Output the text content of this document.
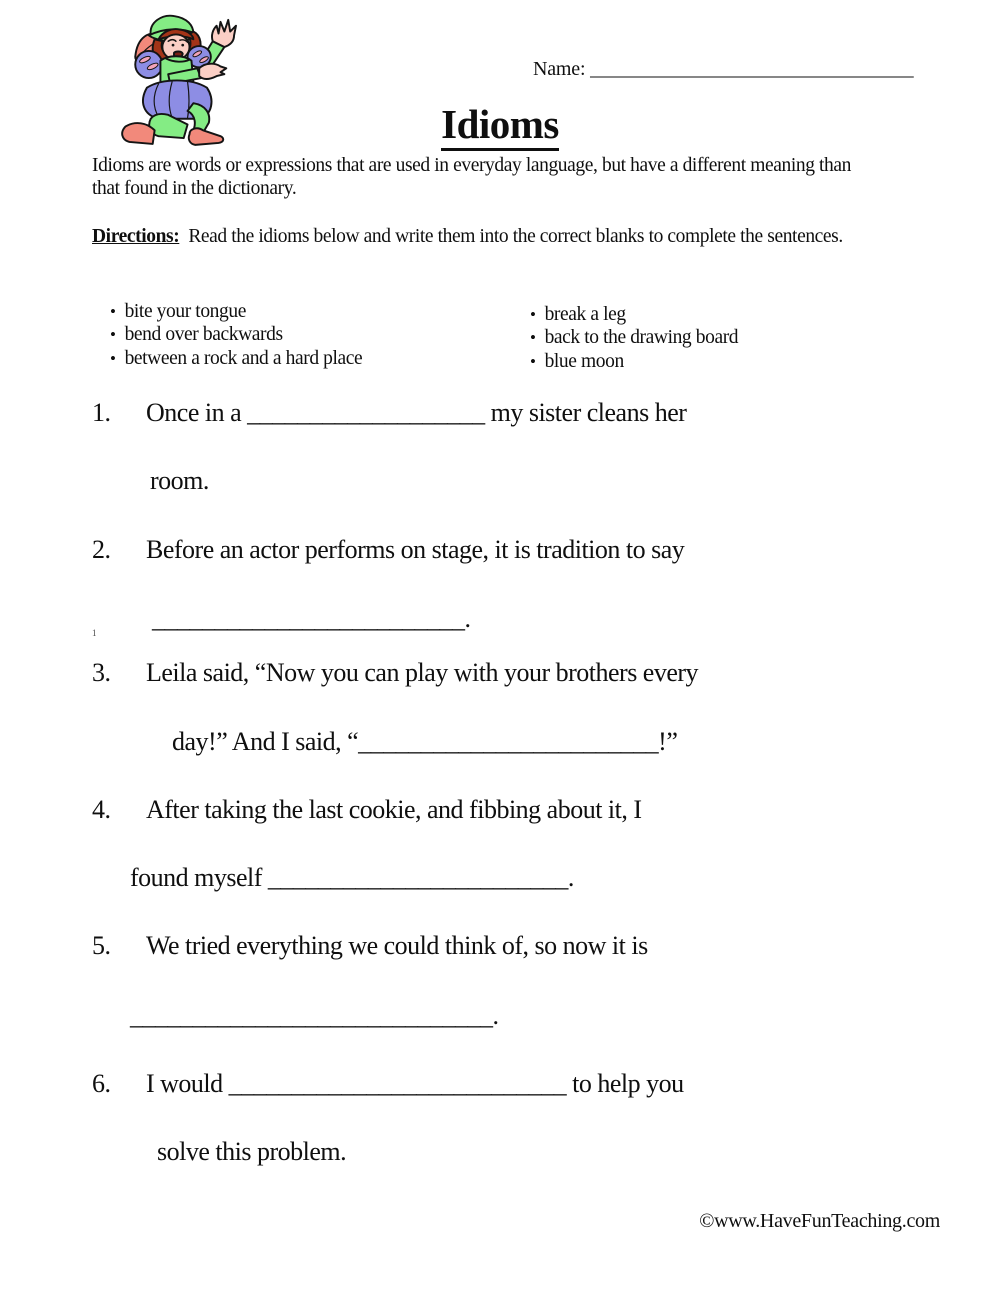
Name: __________________________________
Idioms
Idioms are words or expressions that are used in everyday language, but have a different meaning than that found in the dictionary.
Directions: Read the idioms below and write them into the correct blanks to complete the sentences.
• bite your tongue
• bend over backwards
• between a rock and a hard place
• break a leg
• back to the drawing board
• blue moon
1. Once in a ___________________ my sister cleans her
room.
2. Before an actor performs on stage, it is tradition to say
_________________________.
1
3. Leila said, “Now you can play with your brothers every
day!” And I said, “________________________!”
4. After taking the last cookie, and fibbing about it, I
found myself ________________________.
5. We tried everything we could think of, so now it is
_____________________________.
6. I would ___________________________ to help you
solve this problem.
©www.HaveFunTeaching.com
